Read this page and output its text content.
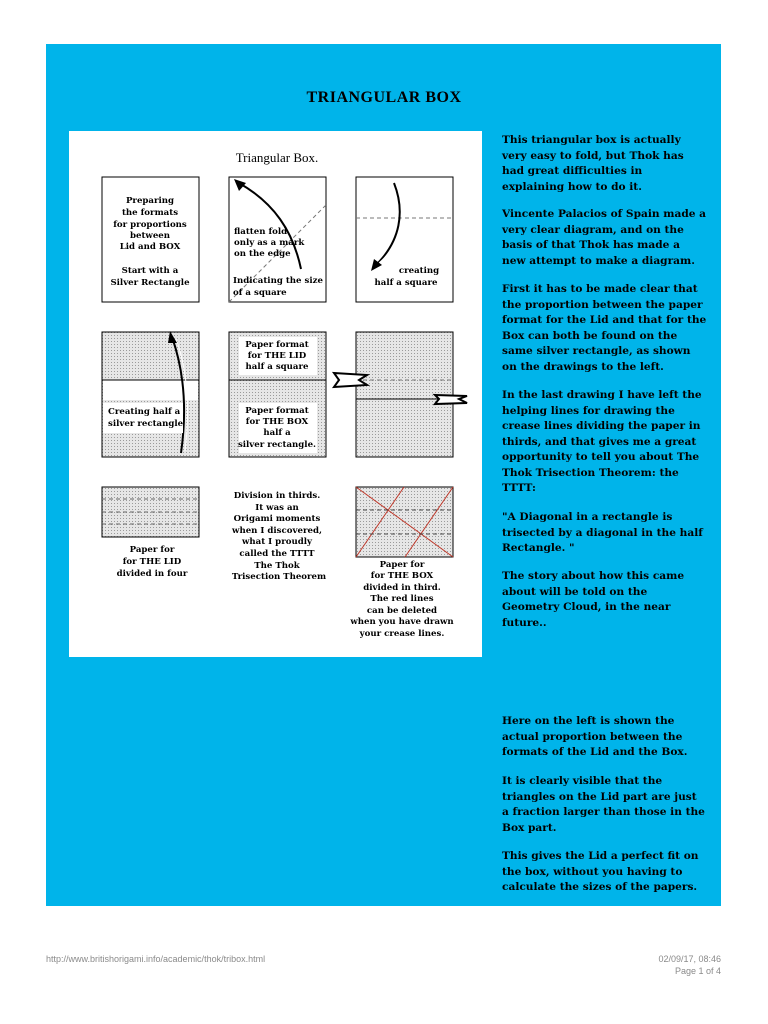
TRIANGULAR BOX
Triangular Box.
Preparing
the formats
for proportions
between
Lid and BOX
Start with a
Silver Rectangle
flatten fold
only as a mark
on the edge
Indicating the size
of a square
creating
half a square
Creating half a
silver rectangle
Paper format
for THE LID
half a square
Paper format
for THE BOX
half a
silver rectangle.
Paper for
for THE LID
divided in four
Division in thirds.
It was an
Origami moments
when I discovered,
what I proudly
called the TTTT
The Thok
Trisection Theorem
Paper for
for THE BOX
divided in third.
The red lines
can be deleted
when you have drawn
your crease lines.

This triangular box is actually very easy to fold, but Thok has had great difficulties in explaining how to do it.

Vincente Palacios of Spain made a very clear diagram, and on the basis of that Thok has made a new attempt to make a diagram.

First it has to be made clear that the proportion between the paper format for the Lid and that for the Box can both be found on the same silver rectangle, as shown on the drawings to the left.

In the last drawing I have left the helping lines for drawing the crease lines dividing the paper in thirds, and that gives me a great opportunity to tell you about The Thok Trisection Theorem: the TTTT:

"A Diagonal in a rectangle is trisected by a diagonal in the half Rectangle. "

The story about how this came about will be told on the Geometry Cloud, in the near future..

Here on the left is shown the actual proportion between the formats of the Lid and the Box.

It is clearly visible that the triangles on the Lid part are just a fraction larger than those in the Box part.

This gives the Lid a perfect fit on the box, without you having to calculate the sizes of the papers.

http://www.britishorigami.info/academic/thok/tribox.html	02/09/17, 08:46
Page 1 of 4
